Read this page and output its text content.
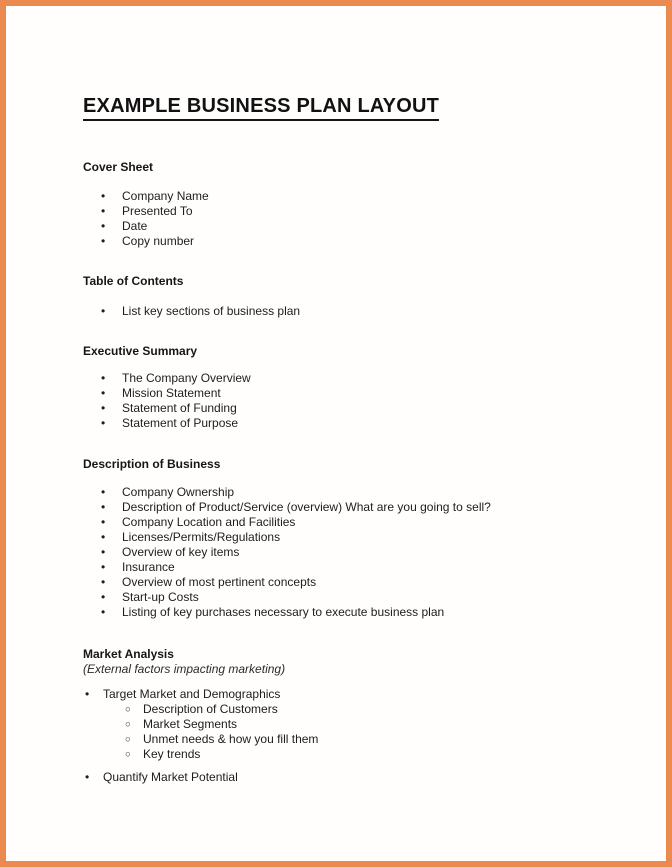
EXAMPLE BUSINESS PLAN LAYOUT
Cover Sheet
•	Company Name
•	Presented To
•	Date
•	Copy number
Table of Contents
•	List key sections of business plan
Executive Summary
•	The Company Overview
•	Mission Statement
•	Statement of Funding
•	Statement of Purpose
Description of Business
•	Company Ownership
•	Description of Product/Service (overview) What are you going to sell?
•	Company Location and Facilities
•	Licenses/Permits/Regulations
•	Overview of key items
•	Insurance
•	Overview of most pertinent concepts
•	Start-up Costs
•	Listing of key purchases necessary to execute business plan
Market Analysis
(External factors impacting marketing)
•	Target Market and Demographics
○	Description of Customers
○	Market Segments
○	Unmet needs & how you fill them
○	Key trends
•	Quantify Market Potential
